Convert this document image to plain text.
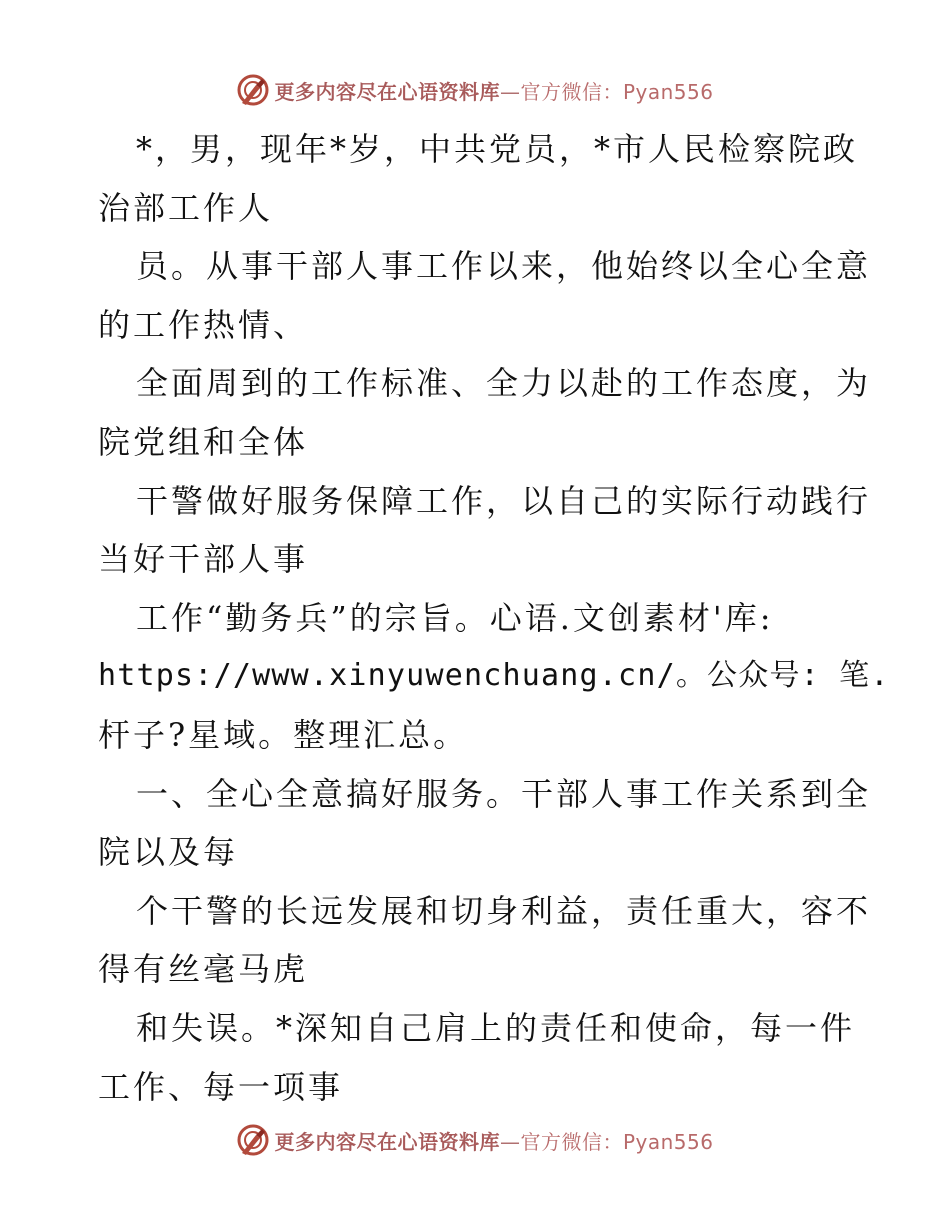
更多内容尽在心语资料库—官方微信：Pyan556
*，男，现年*岁，中共党员，*市人民检察院政
治部工作人
员。从事干部人事工作以来，他始终以全心全意
的工作热情、
全面周到的工作标准、全力以赴的工作态度，为
院党组和全体
干警做好服务保障工作，以自己的实际行动践行
当好干部人事
工作“勤务兵”的宗旨。心语.文创素材'库:
https://www.xinyuwenchuang.cn/。公众号: 笔.
杆子?星域。整理汇总。
一、全心全意搞好服务。干部人事工作关系到全
院以及每
个干警的长远发展和切身利益，责任重大，容不
得有丝毫马虎
和失误。*深知自己肩上的责任和使命，每一件
工作、每一项事
更多内容尽在心语资料库—官方微信：Pyan556
